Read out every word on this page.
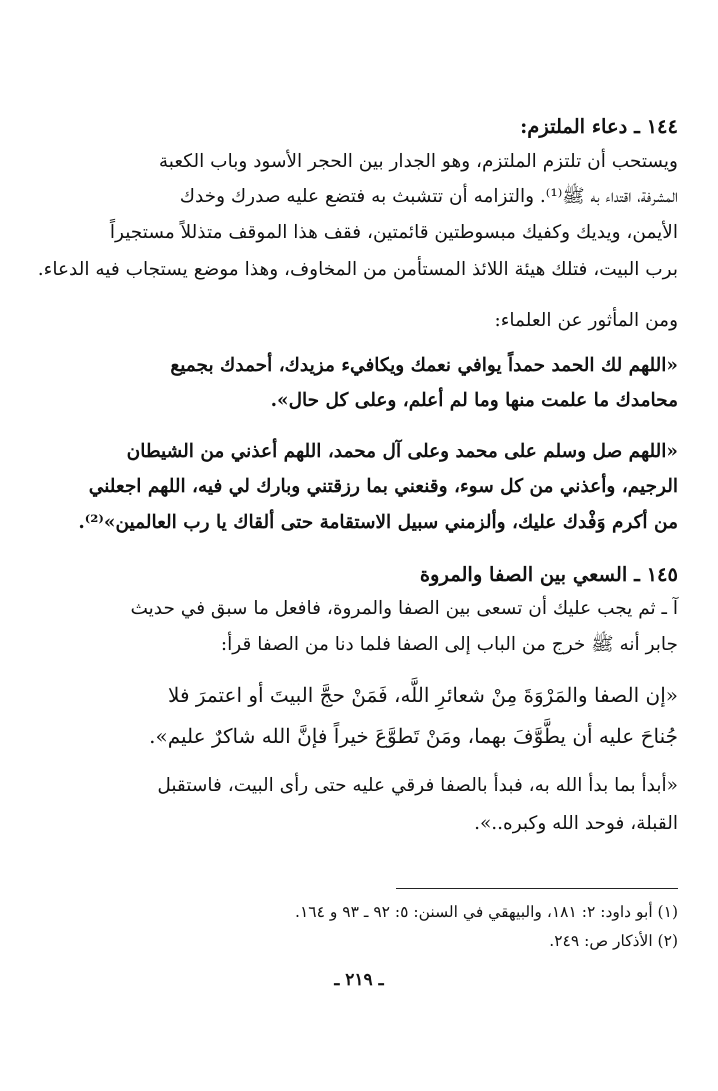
١٤٤ ـ دعاء الملتزم:
ويستحب أن تلتزم الملتزم، وهو الجدار بين الحجر الأسود وباب الكعبة
المشرفة، اقتداء به ﷺ⁽¹⁾. والتزامه أن تتشبث به فتضع عليه صدرك وخدك
الأيمن، ويديك وكفيك مبسوطتين قائمتين، فقف هذا الموقف متذللاً مستجيراً
برب البيت، فتلك هيئة اللائذ المستأمن من المخاوف، وهذا موضع يستجاب فيه الدعاء.
ومن المأثور عن العلماء:
«اللهم لك الحمد حمداً يوافي نعمك ويكافيء مزيدك، أحمدك بجميع
محامدك ما علمت منها وما لم أعلم، وعلى كل حال».
«اللهم صل وسلم على محمد وعلى آل محمد، اللهم أعذني من الشيطان
الرجيم، وأعذني من كل سوء، وقنعني بما رزقتني وبارك لي فيه، اللهم اجعلني
من أكرم وَفْدك عليك، وألزمني سبيل الاستقامة حتى ألقاك يا رب العالمين»⁽²⁾.
١٤٥ ـ السعي بين الصفا والمروة
آ ـ ثم يجب عليك أن تسعى بين الصفا والمروة، فافعل ما سبق في حديث
جابر أنه ﷺ خرج من الباب إلى الصفا فلما دنا من الصفا قرأ:
«إن الصفا والمَرْوَةَ مِنْ شعائرِ اللَّه، فَمَنْ حجَّ البيتَ أو اعتمرَ فلا
جُناحَ عليه أن يطَّوَّفَ بهما، ومَنْ تَطوَّعَ خيراً فإنَّ الله شاكرٌ عليم».
«أبدأ بما بدأ الله به، فبدأ بالصفا فرقي عليه حتى رأى البيت، فاستقبل
القبلة، فوحد الله وكبره..».
(١) أبو داود: ٢: ١٨١، والبيهقي في السنن: ٥: ٩٢ ـ ٩٣ و ١٦٤.
(٢) الأذكار ص: ٢٤٩.
ـ ٢١٩ ـ
